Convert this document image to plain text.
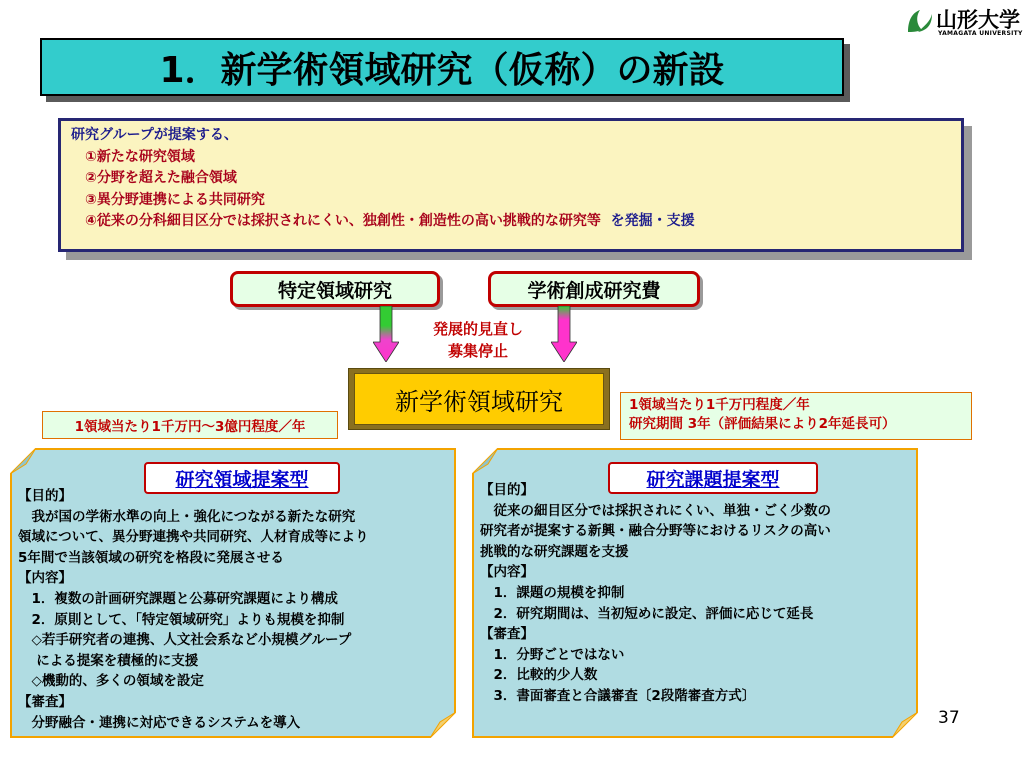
山形大学
YAMAGATA UNIVERSITY
1．新学術領域研究（仮称）の新設
研究グループが提案する、
①新たな研究領域
②分野を超えた融合領域
③異分野連携による共同研究
④従来の分科細目区分では採択されにくい、独創性・創造性の高い挑戦的な研究等 を発掘・支援
特定領域研究	学術創成研究費
発展的見直し
募集停止
新学術領域研究
1領域当たり1千万円～3億円程度／年
1領域当たり1千万円程度／年
研究期間 3年（評価結果により2年延長可）
研究領域提案型
【目的】
　我が国の学術水準の向上・強化につながる新たな研究
領域について、異分野連携や共同研究、人材育成等により
5年間で当該領域の研究を格段に発展させる
【内容】
　1．複数の計画研究課題と公募研究課題により構成
　2．原則として、「特定領域研究」よりも規模を抑制
　◇若手研究者の連携、人文社会系など小規模グループ
　 による提案を積極的に支援
　◇機動的、多くの領域を設定
【審査】
　分野融合・連携に対応できるシステムを導入
研究課題提案型
【目的】
　従来の細目区分では採択されにくい、単独・ごく少数の
研究者が提案する新興・融合分野等におけるリスクの高い
挑戦的な研究課題を支援
【内容】
　1．課題の規模を抑制
　2．研究期間は、当初短めに設定、評価に応じて延長
【審査】
　1．分野ごとではない
　2．比較的少人数
　3．書面審査と合議審査〔2段階審査方式〕
37
